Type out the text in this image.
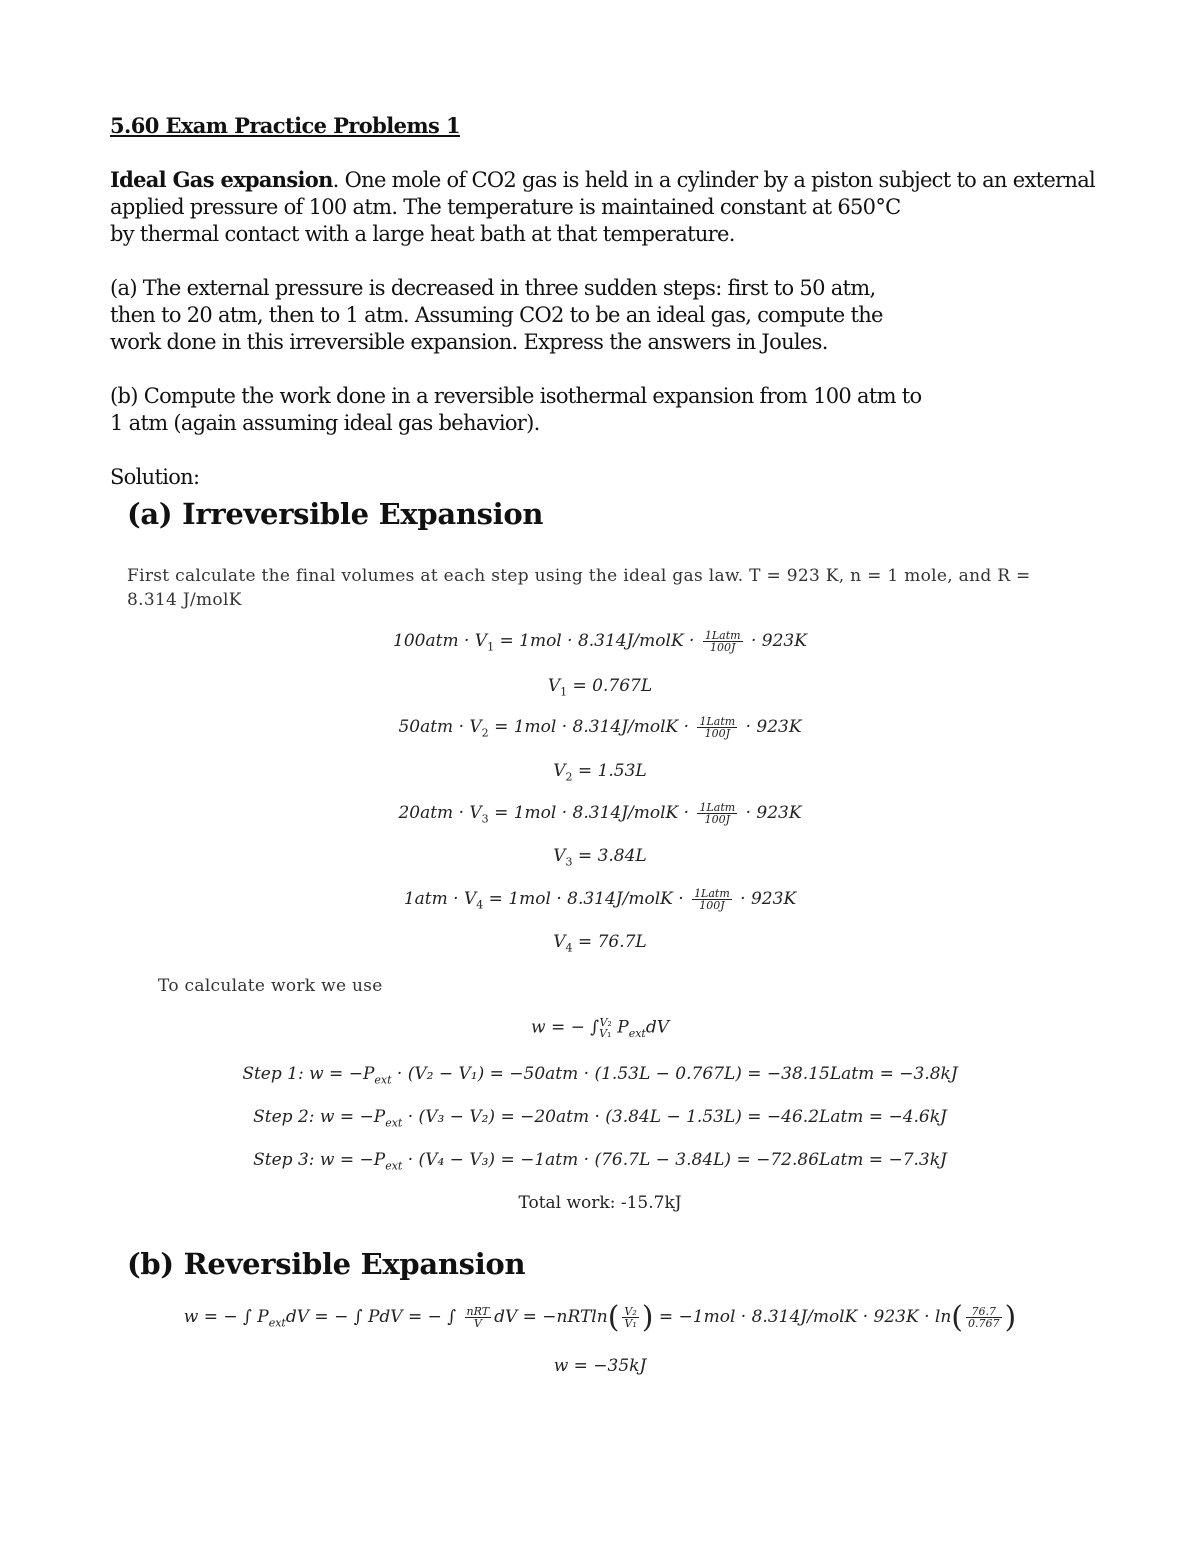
5.60 Exam Practice Problems 1
Ideal Gas expansion. One mole of CO2 gas is held in a cylinder by a piston subject to an external
applied pressure of 100 atm. The temperature is maintained constant at 650°C
by thermal contact with a large heat bath at that temperature.
(a) The external pressure is decreased in three sudden steps: first to 50 atm,
then to 20 atm, then to 1 atm. Assuming CO2 to be an ideal gas, compute the
work done in this irreversible expansion. Express the answers in Joules.
(b) Compute the work done in a reversible isothermal expansion from 100 atm to
1 atm (again assuming ideal gas behavior).
Solution:
(a) Irreversible Expansion
First calculate the final volumes at each step using the ideal gas law. T = 923 K, n = 1 mole, and R =
8.314 J/molK
$100atm \cdot V_1 = 1mol$ · 8.314J/molK · $\frac{\text{1Latm}}{100J} \cdot 923K$
$V_1 = 0.767L$
$50atm \cdot V_2 = 1mol$ · 8.314J/molK · $\frac{\text{1Latm}}{100J} \cdot 923K$
$V_2 = 1.53L$
$20atm \cdot V_3 = 1mol$ · 8.314J/molK · $\frac{\text{1Latm}}{100J} \cdot 923K$
$V_3 = 3.84L$
$1atm \cdot V_4 = 1mol$ · 8.314J/molK · $\frac{\text{1Latm}}{100J} \cdot 923K$
$V_4 = 76.7L$
To calculate work we use
w = − $\int_{V_1}^{V_2}$ $P_{ext}dV$
Step 1: $w = -P_{ext} \cdot (V_2 - V_1) = -50atm \cdot (1.53L - 0.767L)$ = −38.15Latm = −3.8kJ
Step 2: $w = -P_{ext} \cdot (V_3 - V_2) = -20atm \cdot (3.84L - 1.53L)$ = −46.2Latm = −4.6kJ
Step 3: $w = -P_{ext} \cdot (V_4 - V_3) = -1atm \cdot (76.7L - 3.84L)$ = −72.86Latm = −7.3kJ
Total work: -15.7kJ
(b) Reversible Expansion
w = − ∫ $P_{ext}dV$ = − ∫ PdV = − ∫ $\frac{\text{nRT}}{V}$ dV = $-nRTln( \frac{\text{V₂}}{\text{V₁}}$ ) = −1mol · 8.314J/molK · $923K \cdot \ln( \frac{76.7}{0.767}$ )
w = −35kJ
